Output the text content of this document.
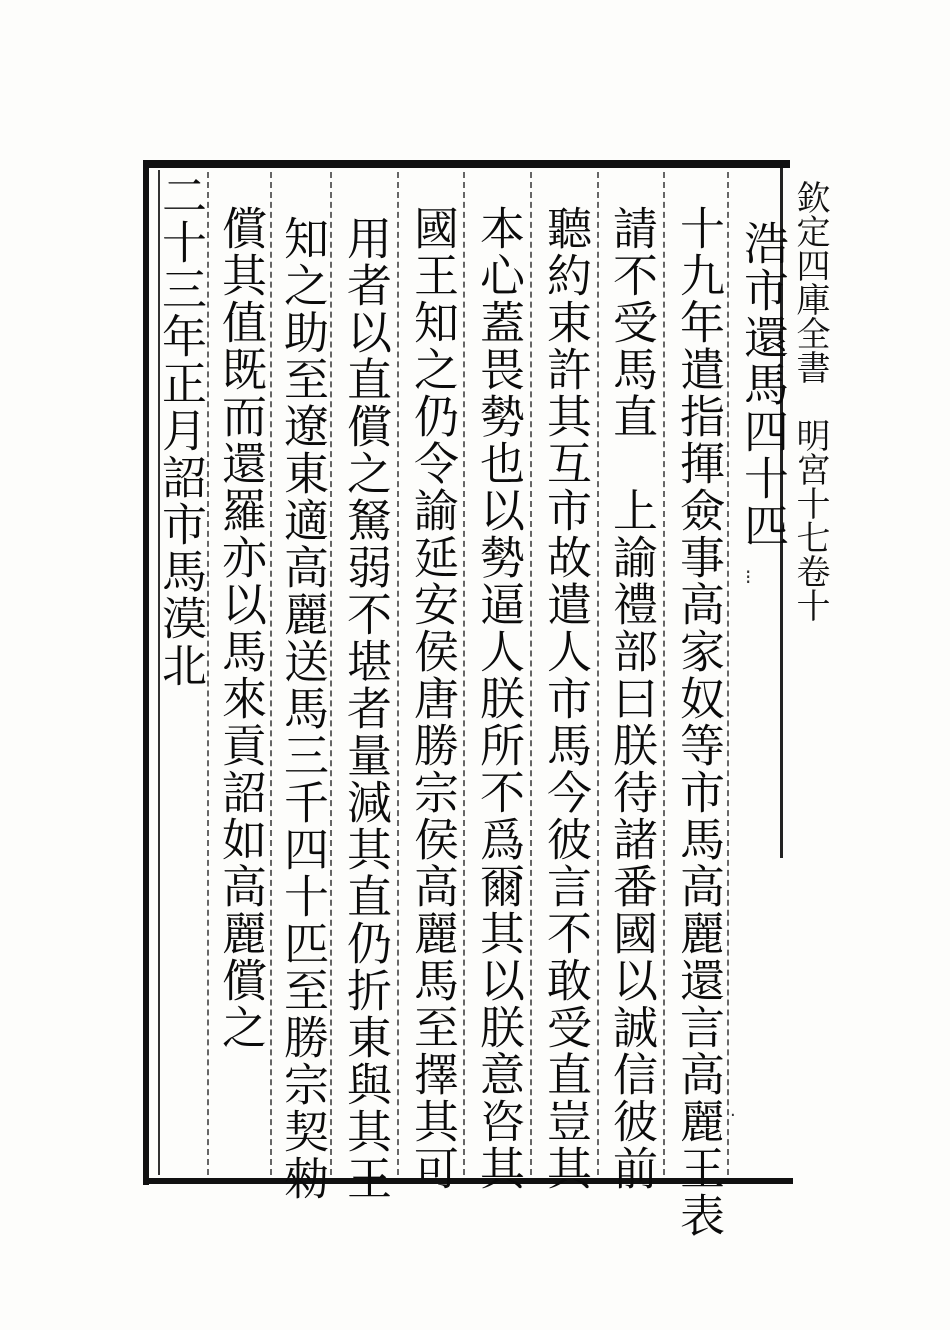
欽定四庫全書　明宮十七卷十
浩市還馬四十匹
十九年遣指揮僉事高家奴等市馬高麗還言高麗王表
請不受馬直　上諭禮部曰朕待諸番國以誠信彼前
聽約束許其互市故遣人市馬今彼言不敢受直豈其
本心蓋畏勢也以勢逼人朕所不爲爾其以朕意咨其
國王知之仍令諭延安侯唐勝宗侯高麗馬至擇其可
用者以直償之駑弱不堪者量減其直仍折東與其王
知之助至遼東適高麗送馬三千四十匹至勝宗契勑
償其值既而還羅亦以馬來貢詔如高麗償之
二十三年正月詔市馬漠北
·
⁝
